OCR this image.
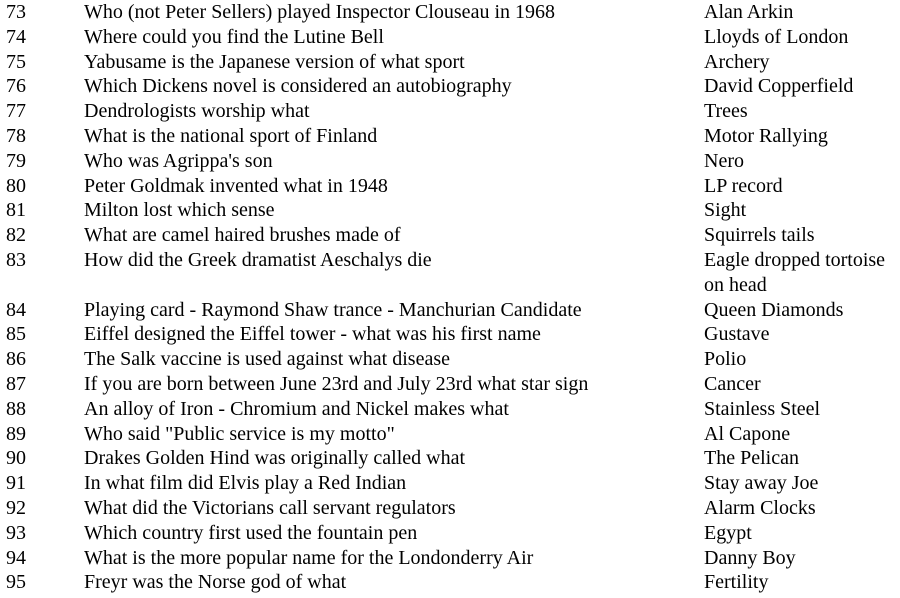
73	Who (not Peter Sellers) played Inspector Clouseau in 1968	Alan Arkin
74	Where could you find the Lutine Bell	Lloyds of London
75	Yabusame is the Japanese version of what sport	Archery
76	Which Dickens novel is considered an autobiography	David Copperfield
77	Dendrologists worship what	Trees
78	What is the national sport of Finland	Motor Rallying
79	Who was Agrippa's son	Nero
80	Peter Goldmak invented what in 1948	LP record
81	Milton lost which sense	Sight
82	What are camel haired brushes made of	Squirrels tails
83	How did the Greek dramatist Aeschalys die	Eagle dropped tortoise on head
84	Playing card - Raymond Shaw trance - Manchurian Candidate	Queen Diamonds
85	Eiffel designed the Eiffel tower - what was his first name	Gustave
86	The Salk vaccine is used against what disease	Polio
87	If you are born between June 23rd and July 23rd what star sign	Cancer
88	An alloy of Iron - Chromium and Nickel makes what	Stainless Steel
89	Who said "Public service is my motto"	Al Capone
90	Drakes Golden Hind was originally called what	The Pelican
91	In what film did Elvis play a Red Indian	Stay away Joe
92	What did the Victorians call servant regulators	Alarm Clocks
93	Which country first used the fountain pen	Egypt
94	What is the more popular name for the Londonderry Air	Danny Boy
95	Freyr was the Norse god of what	Fertility
